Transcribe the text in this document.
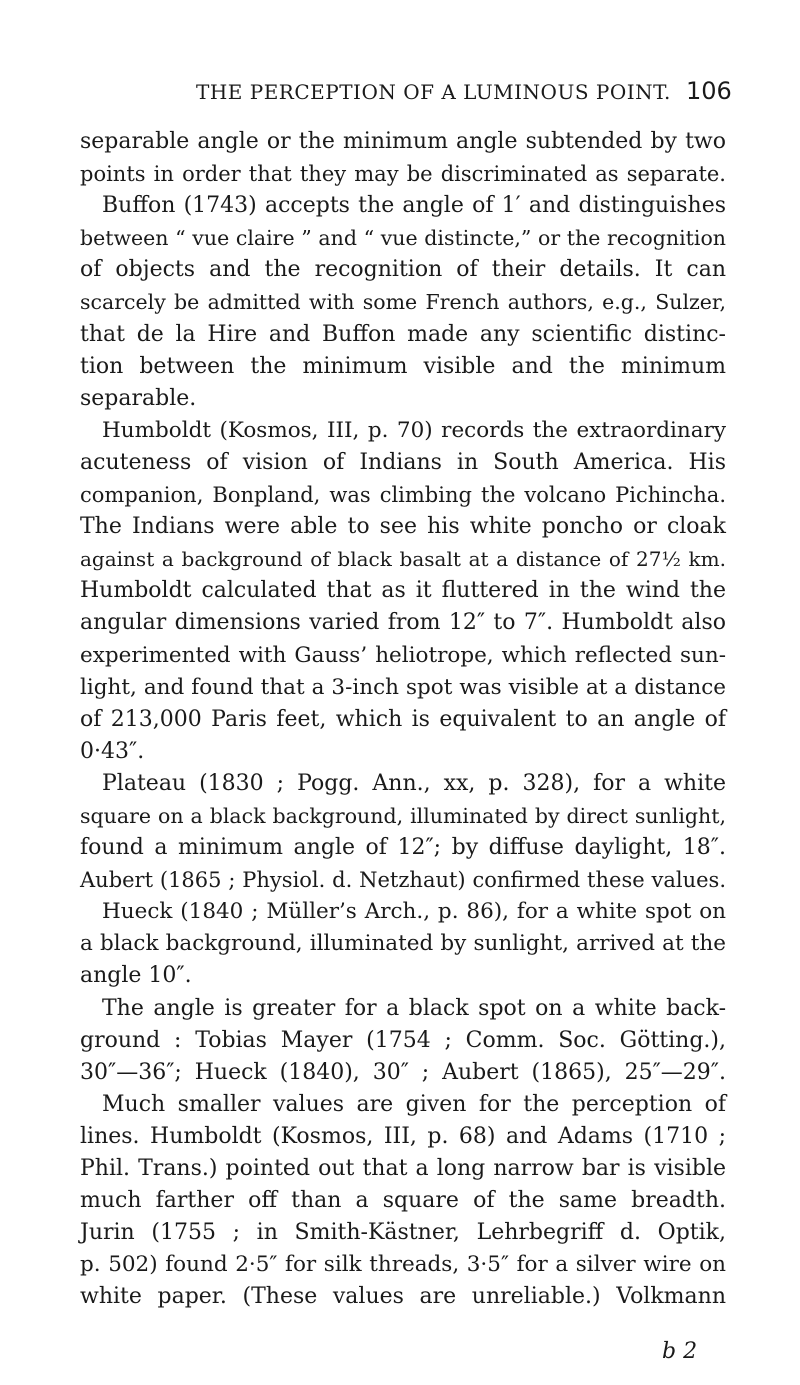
THE PERCEPTION OF A LUMINOUS POINT. 106
separable angle or the minimum angle subtended by two
points in order that they may be discriminated as separate.
Buffon (1743) accepts the angle of 1′ and distinguishes
between “ vue claire ” and “ vue distincte,” or the recognition
of objects and the recognition of their details. It can
scarcely be admitted with some French authors, e.g., Sulzer,
that de la Hire and Buffon made any scientific distinc-
tion between the minimum visible and the minimum
separable.
Humboldt (Kosmos, III, p. 70) records the extraordinary
acuteness of vision of Indians in South America. His
companion, Bonpland, was climbing the volcano Pichincha.
The Indians were able to see his white poncho or cloak
against a background of black basalt at a distance of 27½ km.
Humboldt calculated that as it fluttered in the wind the
angular dimensions varied from 12″ to 7″. Humboldt also
experimented with Gauss’ heliotrope, which reflected sun-
light, and found that a 3-inch spot was visible at a distance
of 213,000 Paris feet, which is equivalent to an angle of
0·43″.
Plateau (1830 ; Pogg. Ann., xx, p. 328), for a white
square on a black background, illuminated by direct sunlight,
found a minimum angle of 12″; by diffuse daylight, 18″.
Aubert (1865 ; Physiol. d. Netzhaut) confirmed these values.
Hueck (1840 ; Müller’s Arch., p. 86), for a white spot on
a black background, illuminated by sunlight, arrived at the
angle 10″.
The angle is greater for a black spot on a white back-
ground : Tobias Mayer (1754 ; Comm. Soc. Götting.),
30″—36″; Hueck (1840), 30″ ; Aubert (1865), 25″—29″.
Much smaller values are given for the perception of
lines. Humboldt (Kosmos, III, p. 68) and Adams (1710 ;
Phil. Trans.) pointed out that a long narrow bar is visible
much farther off than a square of the same breadth.
Jurin (1755 ; in Smith-Kästner, Lehrbegriff d. Optik,
p. 502) found 2·5″ for silk threads, 3·5″ for a silver wire on
white paper. (These values are unreliable.) Volkmann
b 2
